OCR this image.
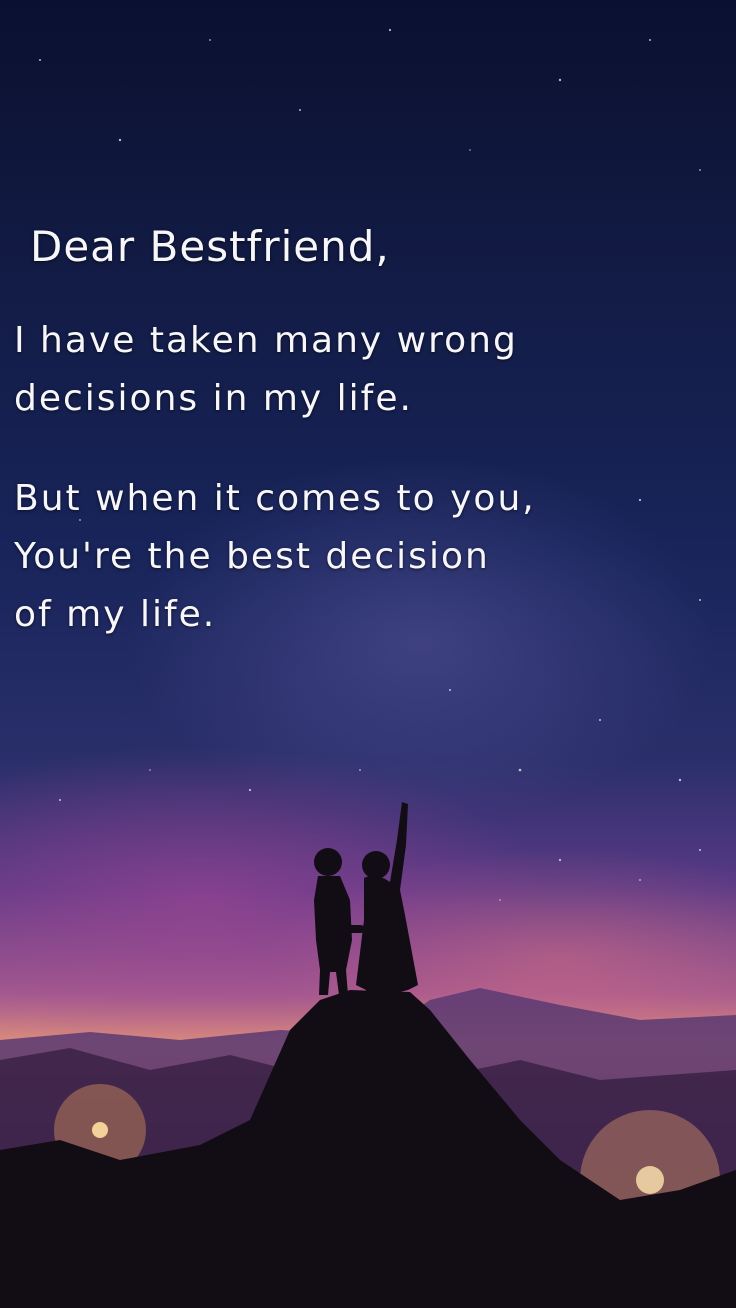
Dear Bestfriend,

I have taken many wrong
decisions in my life.

But when it comes to you,
You're the best decision
of my life.
